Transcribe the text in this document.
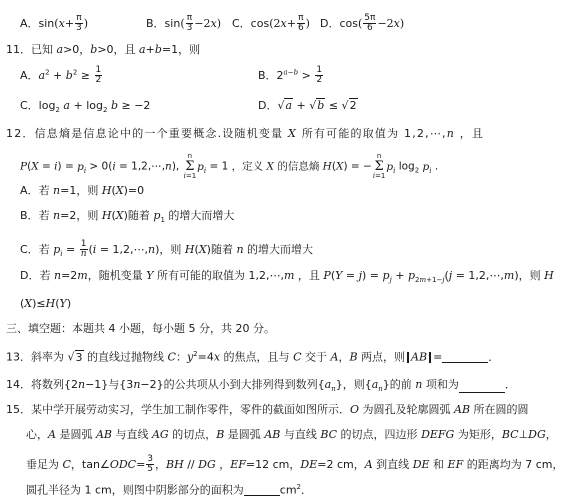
A．$\sin(x+ \frac{\pi}{3}$ )	B．$\sin( \frac{\pi}{3} -2x)$ C．$\cos(2x+ \frac{\pi}{6}$ ) D．$\cos( \frac{5\pi}{6} -2x)$
11．已知 a>0，b>0，且 a+b=1，则
A．$a^2 + b^2 \ge \frac{1}{2}$	B．$2^{a-b} > \frac{1}{2}$
C．$\log_2 a + \log_2 b \ge -2$	D．√a + √b ≤ √2
12．信息熵是信息论中的一个重要概念.设随机变量 X 所有可能的取值为 1,2,⋯,n ，且
$P(X = i) = p_i > 0(i$ = 1,2,⋯,n), n
Σ
$i=1p_i = 1$ ，定义 X 的信息熵 H(X) = −n
Σ
$i=1p_i$ $\log_2 p_i$ .
A．若 n=1，则 H(X)=0
B．若 n=2，则 H(X)随着 $p_1$ 的增大而增大
C．若 $p_i = \frac{1}{n} (i$ = 1,2,⋯,n)，则 H(X)随着 n 的增大而增大
D．若 n=2m，随机变量 Y 所有可能的取值为 1,2,⋯,m ，且 $P(Y = j) = p_j + p_{2m+1-j}(j$ = 1,2,⋯,m)，则 H
(X)≤H(Y)
三、填空题：本题共 4 小题，每小题 5 分，共 20 分。
13．斜率为 √3 的直线过抛物线 C：$y^2=4x$ 的焦点，且与 C 交于 A，B 两点，则 AB =	．
14．将数列{2n−1}与{3n−2}的公共项从小到大排列得到数列$\{a_n\}$，则$\{a_n\}$的前 n 项和为	．
15．某中学开展劳动实习，学生加工制作零件，零件的截面如图所示．O 为圆孔及轮廓圆弧 AB 所在圆的圆
心，A 是圆弧 AB 与直线 AG 的切点，B 是圆弧 AB 与直线 BC 的切点，四边形 DEFG 为矩形，BC⊥DG，
垂足为 C，tan∠ODC= $\frac{3}{5}$ ，BH // DG ，EF=12 cm，DE=2 cm，A 到直线 DE 和 EF 的距离均为 7 cm，
圆孔半径为 1 cm，则图中阴影部分的面积为	$cm^2$．
